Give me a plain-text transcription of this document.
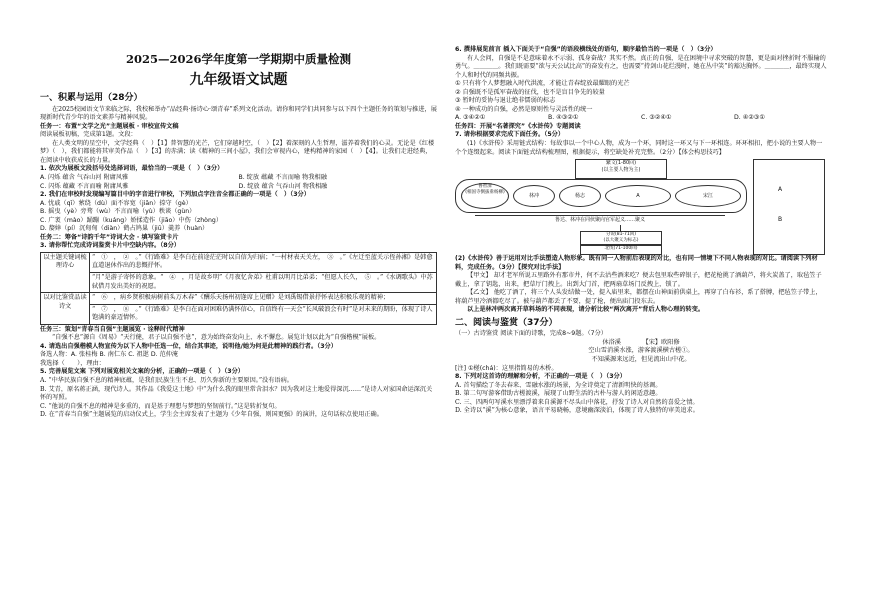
2025—2026学年度第一学期期中质量检测
九年级语文试题
一、积累与运用（28分）

在2025校园语文节来临之际，我校秘举办“品经典·扬诗心·颂青春”系列文化活动。请你和同学们共同参与以下四个主题任务的策划与推进，展现新时代青少年的语文素养与精神风貌。

任务一：布置“文学之光”主题展板 · 审校宣传文稿

阅读展板初稿，完成第1题。文段：

在人类文明的星空中，文学经典（　）【1】普智慧的光芒，它们穿越时空，（　）【2】着深刻的人生哲理，滋养着我们的心灵。无论是《红楼梦》（　），我们都能将其审美作品（　）【3】的赤满；读《精神的三间小屋》，我们会审视内心，建构精神的家园（　）【4】。让我们走进经典，在阅读中收获成长的力量。

1. 依次为展板文段括号处选择词语，最恰当的一项是（　）（3分）

A. 闪烁 蕴含 气吞山河 附庸风雅	B. 绽放 蕴藏 不言而喻 物我相融
C. 闪烁 蕴藏 不言而喻 附庸风雅	D. 绽放 蕴含 气吞山河 物我相融

2. 我们在审校时发现编写篇目中的字音进行审校，下列加点字注音全都正确的一项是（　）（3分）

A. 忧戚（qī）萦绕（dù）面不容宽（jiān）捺守（gè）

B. 摇曳（yè）旁骛（wù）不言而喻（yù）秩谈（gùn）

C. 广袤（mào）踊蹦（kuáng）娇揉造作（jiāo）中伤（zhòng）

D. 嫠婞（pí）沉甸甸（diàn）鹤占鸠巢（jiū）羹养（huàn）

任务二：筹备“诗韵千年”诗词大会 · 填写鉴赏卡片

3. 请你帮忙完成诗词鉴赏卡片中空缺内容。（8分）

以主题关键词梳理诗心	“　①　，　②　。”《行路难》是李白在前途茫茫时以自信为归宿；“一村材表天关左，　③　。”《左迁至蓝关示侄孙湘》是韩愈直道退休作出的悲慨抒怀。
	“月”是游子寄怀的意象。“　④　，月是故乡明”《月夜忆舍弟》杜甫以明月比弟弟；“但愿人长久，　⑤　。”《水调歌头》中苏轼借月发出美好的祝愿。
以对比鉴赏品读诗文	“　⑥　，病乡贤积极病树前头万木春”《酬乐天扬州初逢席上见赠》是刘禹锡借景抒怀表达积极乐观的精神；
	“　⑦　，　⑧　。”《行路难》是李白在面对困难仍满怀信心，自信终有一天会“长风破浪会有时”是对未来的期盼，体现了诗人饱满的豪迈情怀。

任务三：策划“青春当自强”主题展览 · 诠释时代精神

“自强不息”源自《周易》“天行健，君子以自强不息”，意为始终奋发向上、永不懈怠。展览计划以此为“自强楷模”展板。

4. 请选出自强楷模人物宣传为以下人物中任选一位，结合其事迹，说明他/她为何是此精神的践行者。（3分）

备选人物：A. 张桂梅 B. 南仁东 C. 祖逖 D. 范仲淹

我选择（　　），理由：

5. 完善展览文案 下列对展览相关文案的分析，正确的一项是（　）（3分）

A. “中华民族自强不息的精神底蕴，是我们民族生生不息、历久弥新的主要原因。”没有语病。

B. 艾青，原名蒋正涵，现代诗人。其作品《我爱这土地》中“为什么我的眼里常含泪水？因为我对这土地爱得深沉……”是诗人对家国命运深沉关怀的写照。

C. “他说的自强不息的精神是多重的，而是基于理想与梦想的坚韧前行。”这是转折复句。

D. 在“青春当自强”主题展览的启动仪式上，学生会主席发表了主题为《少年自强，则国更强》的演讲，这句话标点使用正确。

6. 撰排展览前言 插入下面关于“自强”的语段横线处的语句，顺序最恰当的一项是（　）（3分）

有人会问，自强是不是意味着永不示弱、孤身奋战？其实不然。真正的自强，是在困境中寻求突破的智慧，更是面对挫折时不服输的勇气。＿＿＿＿。我们既需要“欲与天公试比高”的奋发有之，也需要“持剑山花烂漫时，她在丛中笑”的豁达胸怀。＿＿＿＿，最终实现人个人和时代的同频共振。

① 只有将个人梦想融入时代洪流，才能让青春绽放最耀眼的光芒

② 自强既不是孤军奋战的征伐，也不是盲目争先的较量

③ 暂时的妥协与退让绝非懦弱的标志

④ 一种成功的自强，必然是原则性与灵活性的统一

A. ③④②①	B. ④③②①	C. ③②④①	D. ④②③①

任务四：开展“名著探究”《水浒传》专题阅读

7. 请你根据要求完成下面任务。（5分）

(1)《水浒传》采用链式结构：每故事以一个中心人物，成为一个环，同时这一环又与下一环相连。环环相扣，把小说的主要人物一个个连缀起来。阅读下面链式结构梳理图，根据提示，将空缺处补充完整。（2分）【体会构思技巧】

繁文(1-80回)
(以主要人物为主)
鲁智深
(相国寺倒拔垂杨柳)
林冲	杨志	A	宋江
鲁达、林冲在同伙聚向官军起义……聚义
分说(81-71回)
(以大聚义为标志)
北伐(71-100回)
A
B

(2)《水浒传》善于运用对比手法塑造人物形象。既有同一人物前后表现的对比，也有同一情境下不同人物表现的对比。请阅读下列材料，完成任务。（3分）【探究对比手法】

【甲文】 却才老军所说五里路外有那市井，何不去沽些酒来吃？便去包里取些碎银子，把花枪挑了酒葫芦，将火炭盖了，取毡笠子戴上，拿了钥匙，出来，把草厅门拽上。出到大门首，把两扇草场门反拽上，锁了。

【乙文】 他吃了酒了，将三个人头发结做一处，提入庙里来，都摆在山神面前供桌上，再穿了白布衫，系了搭膊，把毡笠子带上，将葫芦里冷酒都吃尽了。被与葫芦都丢了不要，提了枪，便出庙门投东去。

以上是林冲两次离开草料场的不同表现，请分析比较“两次离开”背后人物心理的转变。

二、阅读与鉴赏（37分）

（一）古诗鉴赏 阅读下面的诗歌，完成8~9题。（7分）

休浴溪　　　　【宋】欧阳修

空山雪消溪水涨，游客渡溪横古槎①。

不知溪源来远近，但见流出山中花。

[注] ①槎(chá)：这里指简易的木桥。

8. 下列对这首诗的理解和分析，不正确的一项是（　）（3分）

A. 首句描绘了冬去春来、雪融水涨的场景，为全诗奠定了清新明快的基调。

B. 第二句写游客借助古槎渡溪，展现了山野生活的古朴与游人的闲适意趣。

C. 三、四两句写溪水里漂浮着来自溪源不尽头山中落花，抒发了诗人对自然的喜爱之情。

D. 全诗以“溪”为核心意象，语言平易晓畅，意境幽深淡泊，体现了诗人独特的审美追求。
